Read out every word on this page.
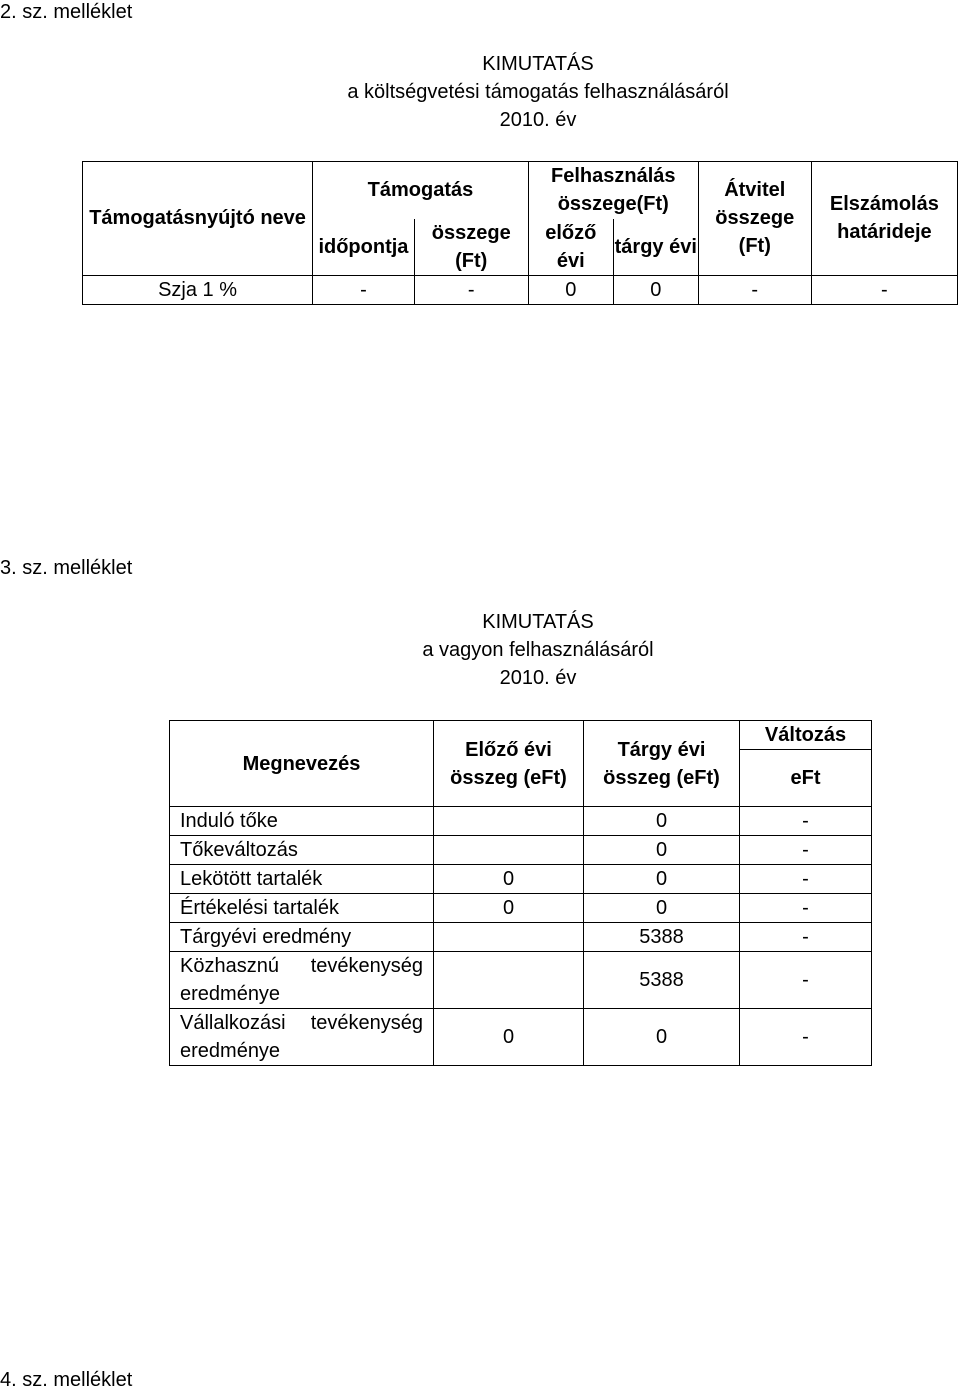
2. sz. melléklet
KIMUTATÁS
a költségvetési támogatás felhasználásáról
2010. év
Támogatásnyújtó neve	Támogatás		Felhasználás összege(Ft)		Átvitel összege (Ft)	Elszámolás határideje
	időpontja	összege (Ft)	előző évi	tárgy évi		
Szja 1 %	-	-	0	0	-	-
3. sz. melléklet
KIMUTATÁS
a vagyon felhasználásáról
2010. év
Megnevezés	Előző évi összeg (eFt)	Tárgy évi összeg (eFt)	Változás
			eFt
Induló tőke		0	-
Tőkeváltozás		0	-
Lekötött tartalék	0	0	-
Értékelési tartalék	0	0	-
Tárgyévi eredmény		5388	-

Közhasznú tevékenység
eredménye		5388	-

Vállalkozási tevékenység
eredménye	0	0	-
4. sz. melléklet
